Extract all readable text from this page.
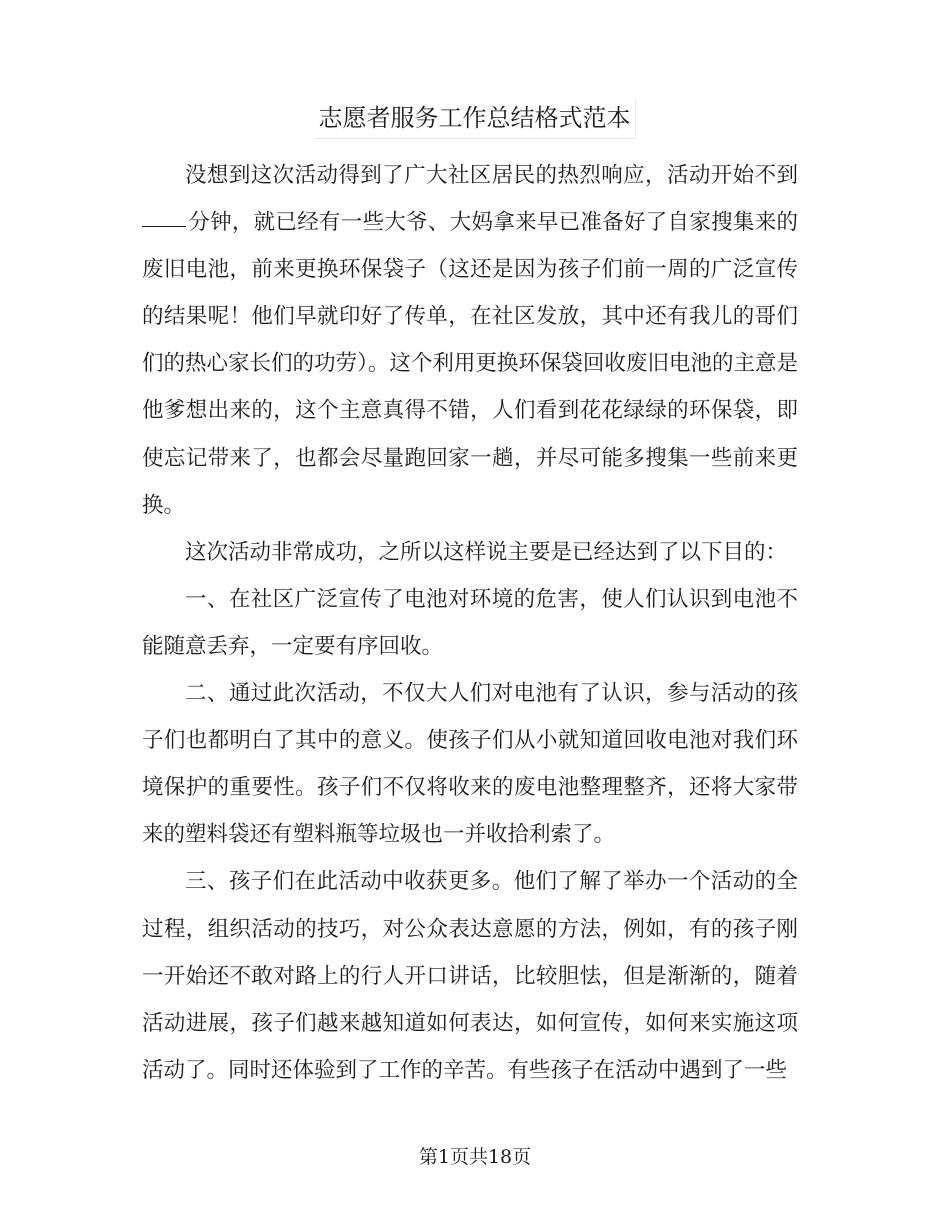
志愿者服务工作总结格式范本

没想到这次活动得到了广大社区居民的热烈响应，活动开始不到分钟，就已经有一些大爷、大妈拿来早已准备好了自家搜集来的废旧电池，前来更换环保袋子（这还是因为孩子们前一周的广泛宣传的结果呢！他们早就印好了传单，在社区发放，其中还有我儿的哥们们的热心家长们的功劳）。这个利用更换环保袋回收废旧电池的主意是他爹想出来的，这个主意真得不错，人们看到花花绿绿的环保袋，即使忘记带来了，也都会尽量跑回家一趟，并尽可能多搜集一些前来更换。

这次活动非常成功，之所以这样说主要是已经达到了以下目的：

一、在社区广泛宣传了电池对环境的危害，使人们认识到电池不能随意丢弃，一定要有序回收。

二、通过此次活动，不仅大人们对电池有了认识，参与活动的孩子们也都明白了其中的意义。使孩子们从小就知道回收电池对我们环境保护的重要性。孩子们不仅将收来的废电池整理整齐，还将大家带来的塑料袋还有塑料瓶等垃圾也一并收拾利索了。

三、孩子们在此活动中收获更多。他们了解了举办一个活动的全过程，组织活动的技巧，对公众表达意愿的方法，例如，有的孩子刚一开始还不敢对路上的行人开口讲话，比较胆怯，但是渐渐的，随着活动进展，孩子们越来越知道如何表达，如何宣传，如何来实施这项活动了。同时还体验到了工作的辛苦。有些孩子在活动中遇到了一些

第1页共18页
